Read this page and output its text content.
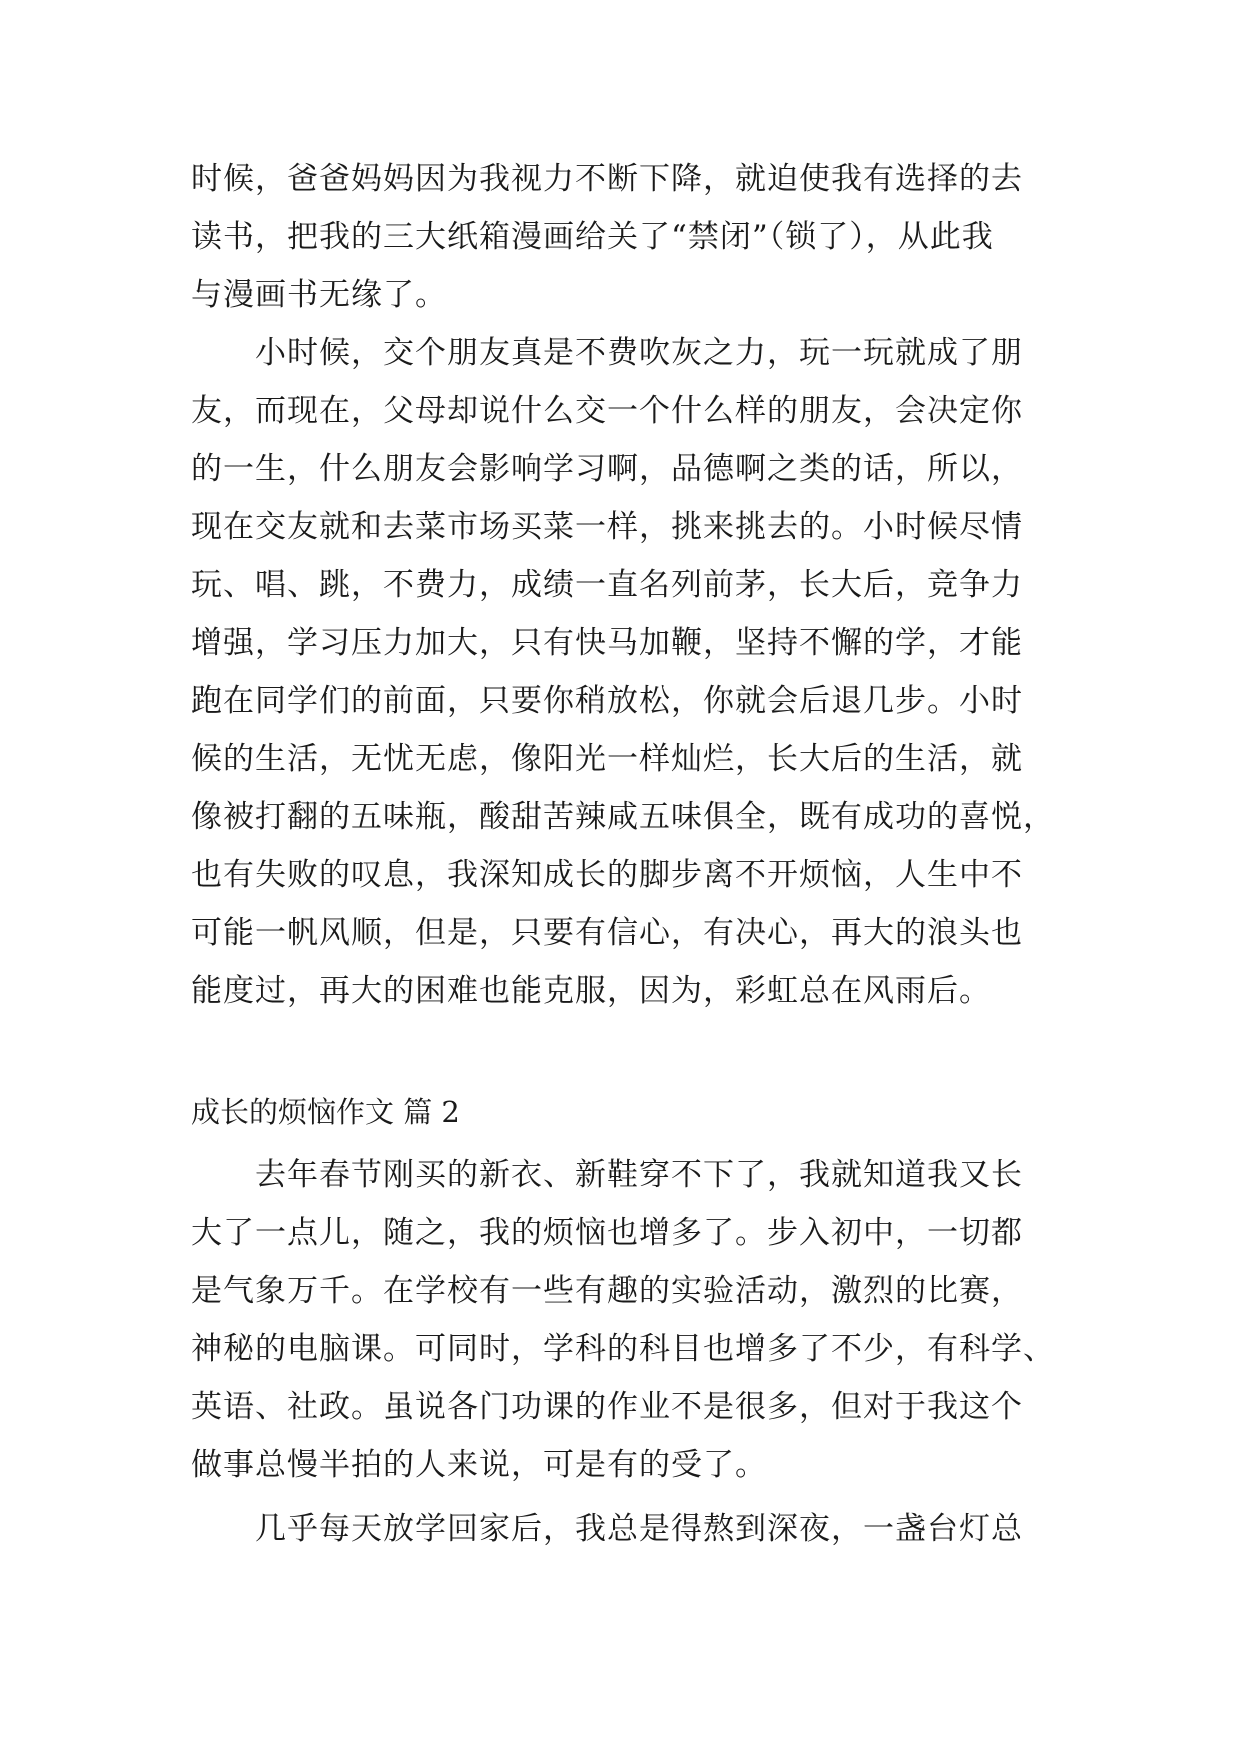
时候，爸爸妈妈因为我视力不断下降，就迫使我有选择的去
读书，把我的三大纸箱漫画给关了“禁闭”（锁了），从此我
与漫画书无缘了。
　　小时候，交个朋友真是不费吹灰之力，玩一玩就成了朋
友，而现在，父母却说什么交一个什么样的朋友，会决定你
的一生，什么朋友会影响学习啊，品德啊之类的话，所以，
现在交友就和去菜市场买菜一样，挑来挑去的。小时候尽情
玩、唱、跳，不费力，成绩一直名列前茅，长大后，竞争力
增强，学习压力加大，只有快马加鞭，坚持不懈的学，才能
跑在同学们的前面，只要你稍放松，你就会后退几步。小时
候的生活，无忧无虑，像阳光一样灿烂，长大后的生活，就
像被打翻的五味瓶，酸甜苦辣咸五味俱全，既有成功的喜悦，
也有失败的叹息，我深知成长的脚步离不开烦恼，人生中不
可能一帆风顺，但是，只要有信心，有决心，再大的浪头也
能度过，再大的困难也能克服，因为，彩虹总在风雨后。
成长的烦恼作文 篇 2
　　去年春节刚买的新衣、新鞋穿不下了，我就知道我又长
大了一点儿，随之，我的烦恼也增多了。步入初中，一切都
是气象万千。在学校有一些有趣的实验活动，激烈的比赛，
神秘的电脑课。可同时，学科的科目也增多了不少，有科学、
英语、社政。虽说各门功课的作业不是很多，但对于我这个
做事总慢半拍的人来说，可是有的受了。
　　几乎每天放学回家后，我总是得熬到深夜，一盏台灯总
